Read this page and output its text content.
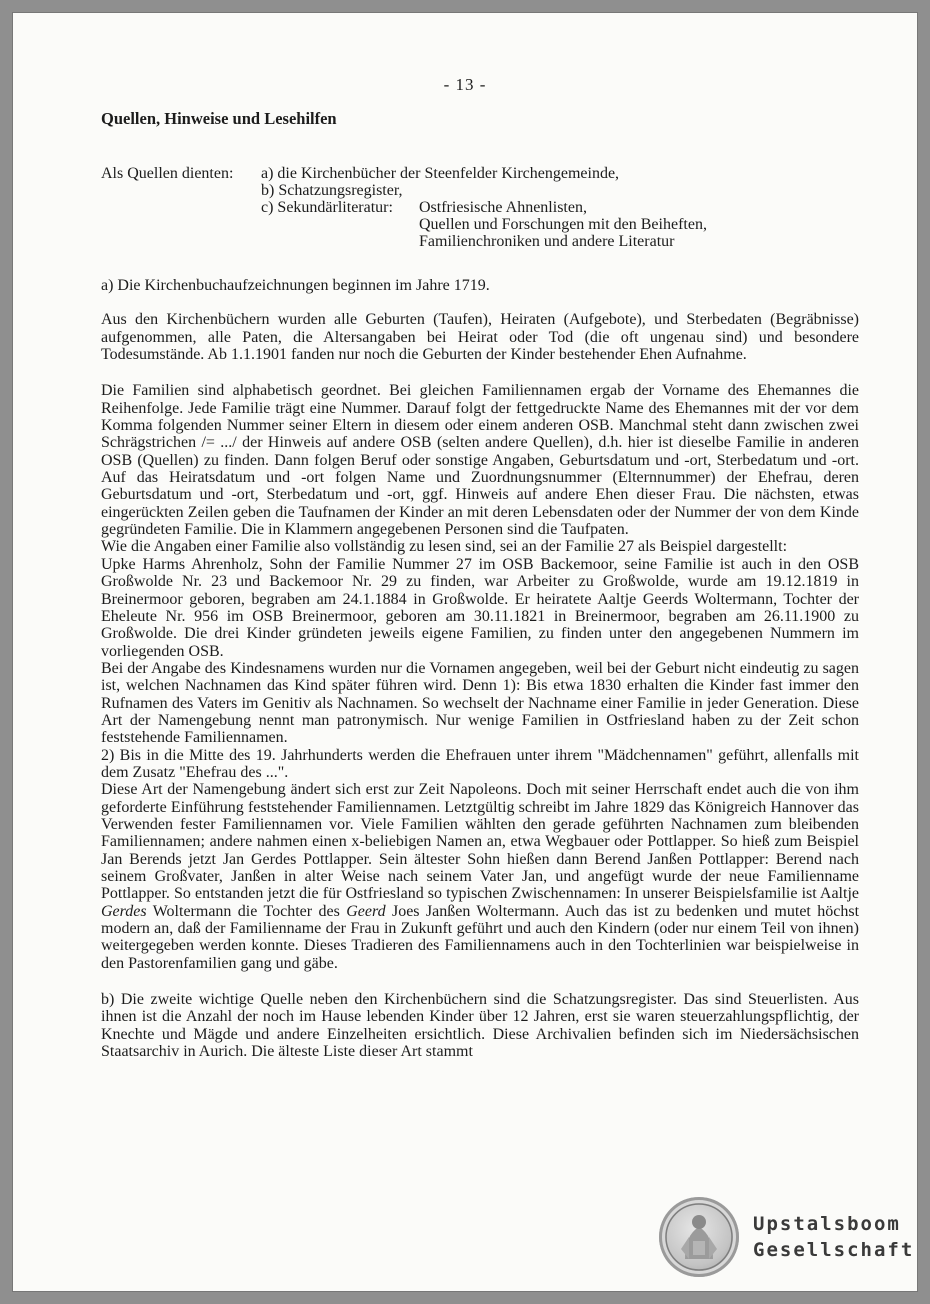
- 13 -
Quellen, Hinweise und Lesehilfen
Als Quellen dienten:	a) die Kirchenbücher der Steenfelder Kirchengemeinde,
b) Schatzungsregister,
c) Sekundärliteratur:	Ostfriesische Ahnenlisten,
Quellen und Forschungen mit den Beiheften,
Familienchroniken und andere Literatur

a) Die Kirchenbuchaufzeichnungen beginnen im Jahre 1719.

Aus den Kirchenbüchern wurden alle Geburten (Taufen), Heiraten (Aufgebote), und Sterbedaten (Begräbnisse) aufgenommen, alle Paten, die Altersangaben bei Heirat oder Tod (die oft ungenau sind) und besondere Todesumstände. Ab 1.1.1901 fanden nur noch die Geburten der Kinder bestehender Ehen Aufnahme.

Die Familien sind alphabetisch geordnet. Bei gleichen Familiennamen ergab der Vorname des Ehemannes die Reihenfolge. Jede Familie trägt eine Nummer. Darauf folgt der fettgedruckte Name des Ehemannes mit der vor dem Komma folgenden Nummer seiner Eltern in diesem oder einem anderen OSB. Manchmal steht dann zwischen zwei Schrägstrichen /= .../ der Hinweis auf andere OSB (selten andere Quellen), d.h. hier ist dieselbe Familie in anderen OSB (Quellen) zu finden. Dann folgen Beruf oder sonstige Angaben, Geburtsdatum und -ort, Sterbedatum und -ort. Auf das Heiratsdatum und -ort folgen Name und Zuordnungsnummer (Elternnummer) der Ehefrau, deren Geburtsdatum und -ort, Sterbedatum und -ort, ggf. Hinweis auf andere Ehen dieser Frau. Die nächsten, etwas eingerückten Zeilen geben die Taufnamen der Kinder an mit deren Lebensdaten oder der Nummer der von dem Kinde gegründeten Familie. Die in Klammern angegebenen Personen sind die Taufpaten.

Wie die Angaben einer Familie also vollständig zu lesen sind, sei an der Familie 27 als Beispiel dargestellt:

Upke Harms Ahrenholz, Sohn der Familie Nummer 27 im OSB Backemoor, seine Familie ist auch in den OSB Großwolde Nr. 23 und Backemoor Nr. 29 zu finden, war Arbeiter zu Großwolde, wurde am 19.12.1819 in Breinermoor geboren, begraben am 24.1.1884 in Großwolde. Er heiratete Aaltje Geerds Woltermann, Tochter der Eheleute Nr. 956 im OSB Breinermoor, geboren am 30.11.1821 in Breinermoor, begraben am 26.11.1900 zu Großwolde. Die drei Kinder gründeten jeweils eigene Familien, zu finden unter den angegebenen Nummern im vorliegenden OSB.

Bei der Angabe des Kindesnamens wurden nur die Vornamen angegeben, weil bei der Geburt nicht eindeutig zu sagen ist, welchen Nachnamen das Kind später führen wird. Denn 1): Bis etwa 1830 erhalten die Kinder fast immer den Rufnamen des Vaters im Genitiv als Nachnamen. So wechselt der Nachname einer Familie in jeder Generation. Diese Art der Namengebung nennt man patronymisch. Nur wenige Familien in Ostfriesland haben zu der Zeit schon feststehende Familiennamen.

2) Bis in die Mitte des 19. Jahrhunderts werden die Ehefrauen unter ihrem "Mädchennamen" geführt, allenfalls mit dem Zusatz "Ehefrau des ...".

Diese Art der Namengebung ändert sich erst zur Zeit Napoleons. Doch mit seiner Herrschaft endet auch die von ihm geforderte Einführung feststehender Familiennamen. Letztgültig schreibt im Jahre 1829 das Königreich Hannover das Verwenden fester Familiennamen vor. Viele Familien wählten den gerade geführten Nachnamen zum bleibenden Familiennamen; andere nahmen einen x-beliebigen Namen an, etwa Wegbauer oder Pottlapper. So hieß zum Beispiel Jan Berends jetzt Jan Gerdes Pottlapper. Sein ältester Sohn hießen dann Berend Janßen Pottlapper: Berend nach seinem Großvater, Janßen in alter Weise nach seinem Vater Jan, und angefügt wurde der neue Familienname Pottlapper. So entstanden jetzt die für Ostfriesland so typischen Zwischennamen: In unserer Beispielsfamilie ist Aaltje Gerdes Woltermann die Tochter des Geerd Joes Janßen Woltermann. Auch das ist zu bedenken und mutet höchst modern an, daß der Familienname der Frau in Zukunft geführt und auch den Kindern (oder nur einem Teil von ihnen) weitergegeben werden konnte. Dieses Tradieren des Familiennamens auch in den Tochterlinien war beispielweise in den Pastorenfamilien gang und gäbe.

b) Die zweite wichtige Quelle neben den Kirchenbüchern sind die Schatzungsregister. Das sind Steuerlisten. Aus ihnen ist die Anzahl der noch im Hause lebenden Kinder über 12 Jahren, erst sie waren steuerzahlungspflichtig, der Knechte und Mägde und andere Einzelheiten ersichtlich. Diese Archivalien befinden sich im Niedersächsischen Staatsarchiv in Aurich. Die älteste Liste dieser Art stammt

Upstalsboom
Gesellschaft
